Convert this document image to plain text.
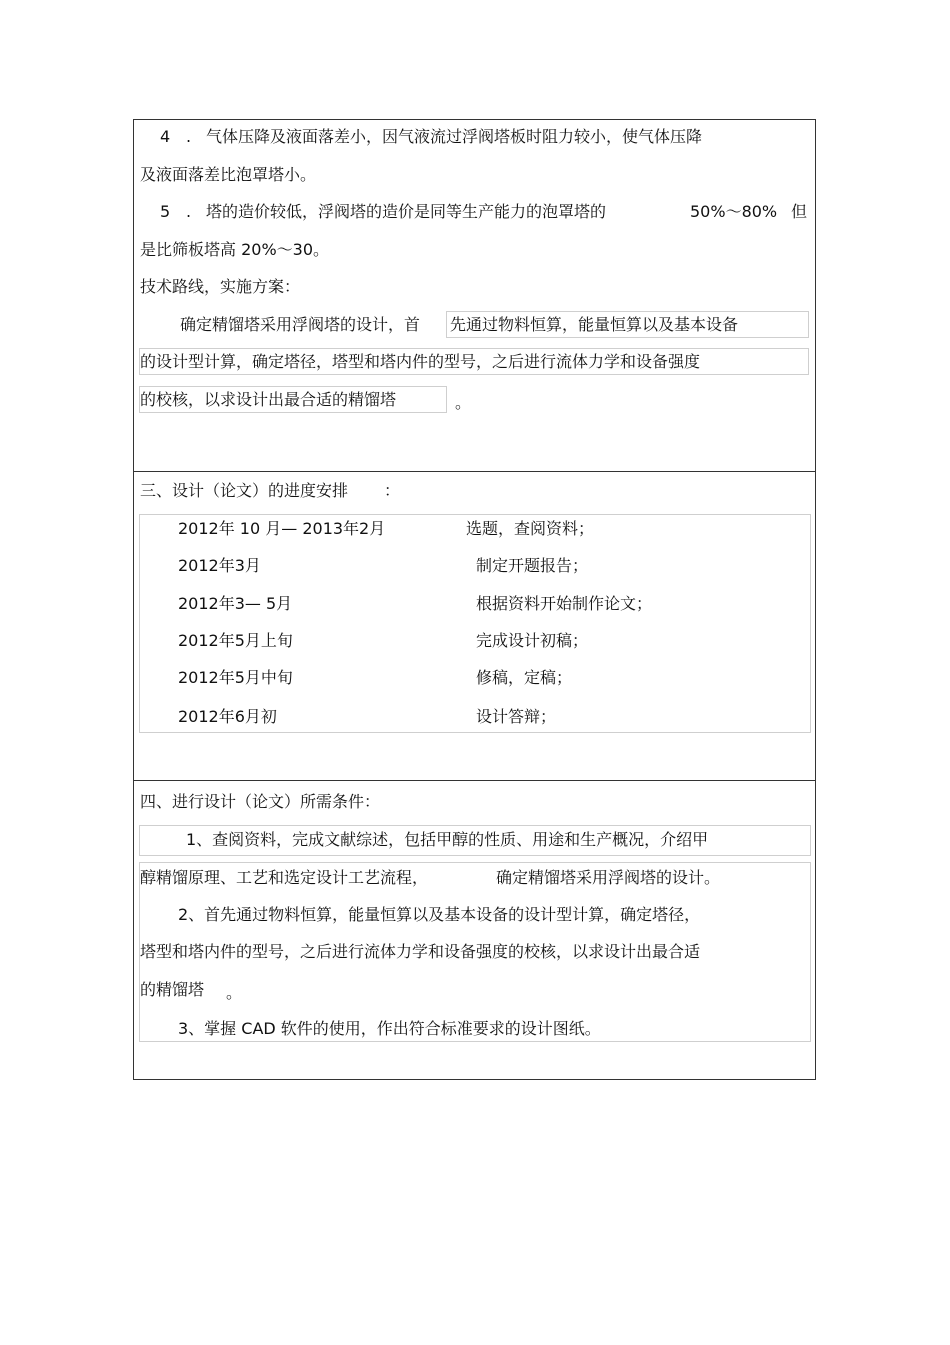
4 . 气体压降及液面落差小，因气液流过浮阀塔板时阻力较小，使气体压降
及液面落差比泡罩塔小。
5 . 塔的造价较低，浮阀塔的造价是同等生产能力的泡罩塔的	50%～80% 但
是比筛板塔高 20%～30。
技术路线，实施方案：
确定精馏塔采用浮阀塔的设计，首 先通过物料恒算，能量恒算以及基本设备
的设计型计算，确定塔径，塔型和塔内件的型号，之后进行流体力学和设备强度
的校核，以求设计出最合适的精馏塔	。
三、设计（论文）的进度安排 ：
2012年 10 月— 2013年2月	选题，查阅资料；
2012年3月	制定开题报告；
2012年3— 5月	根据资料开始制作论文；
2012年5月上旬	完成设计初稿；
2012年5月中旬	修稿，定稿；
2012年6月初	设计答辩；
四、进行设计（论文）所需条件：
1、查阅资料，完成文献综述，包括甲醇的性质、用途和生产概况，介绍甲
醇精馏原理、工艺和选定设计工艺流程，	确定精馏塔采用浮阀塔的设计。
2、首先通过物料恒算，能量恒算以及基本设备的设计型计算，确定塔径，
塔型和塔内件的型号，之后进行流体力学和设备强度的校核，以求设计出最合适
的精馏塔 。
3、掌握 CAD 软件的使用，作出符合标准要求的设计图纸。
